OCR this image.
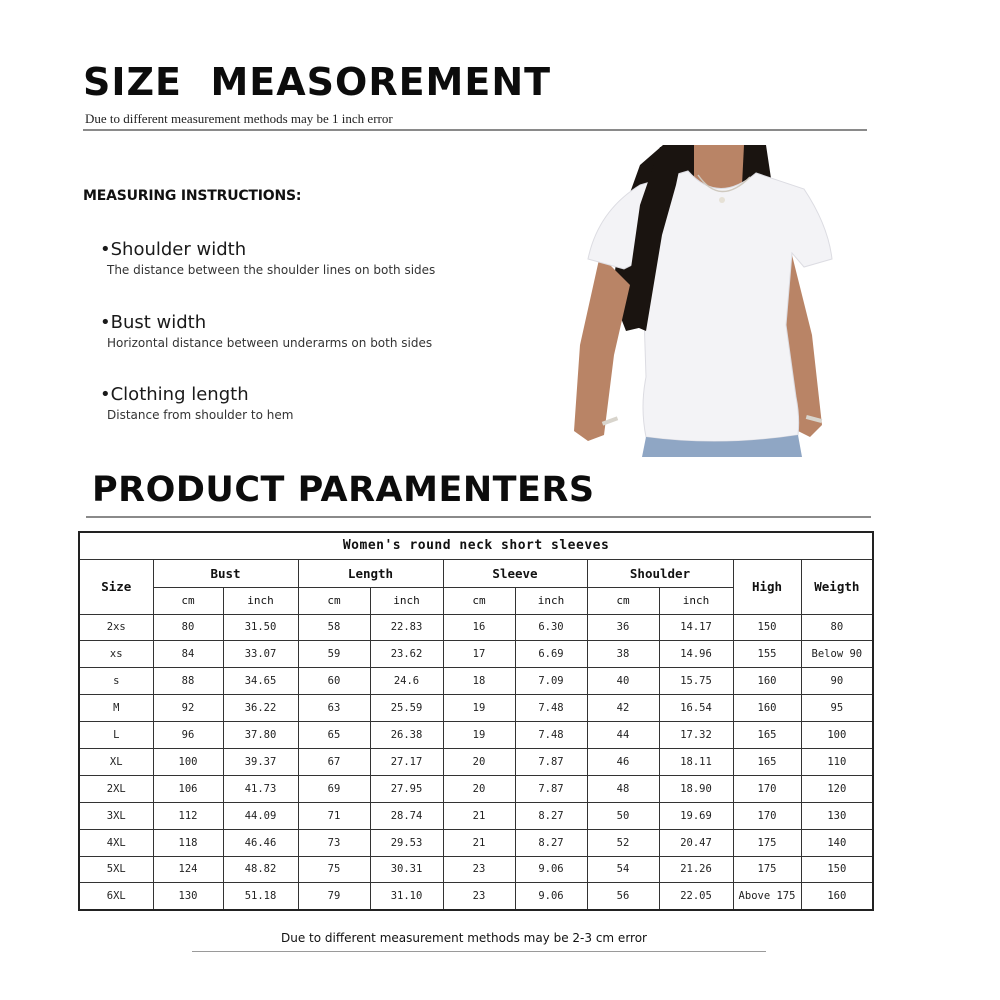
SIZE  MEASOREMENT
Due to different measurement methods may be 1 inch error
MEASURING INSTRUCTIONS:
•Shoulder width
The distance between the shoulder lines on both sides
•Bust width
Horizontal distance between underarms on both sides
•Clothing length
Distance from shoulder to hem
PRODUCT PARAMENTERS
Women's round neck short sleeves										
Size	Bust		Length		Sleeve		Shoulder		High	Weigth
	cm	inch	cm	inch	cm	inch	cm	inch		
2xs	80	31.50	58	22.83	16	6.30	36	14.17	150	80
xs	84	33.07	59	23.62	17	6.69	38	14.96	155	Below 90
s	88	34.65	60	24.6	18	7.09	40	15.75	160	90
M	92	36.22	63	25.59	19	7.48	42	16.54	160	95
L	96	37.80	65	26.38	19	7.48	44	17.32	165	100
XL	100	39.37	67	27.17	20	7.87	46	18.11	165	110
2XL	106	41.73	69	27.95	20	7.87	48	18.90	170	120
3XL	112	44.09	71	28.74	21	8.27	50	19.69	170	130
4XL	118	46.46	73	29.53	21	8.27	52	20.47	175	140
5XL	124	48.82	75	30.31	23	9.06	54	21.26	175	150
6XL	130	51.18	79	31.10	23	9.06	56	22.05	Above 175	160
Due to different measurement methods may be 2-3 cm error
